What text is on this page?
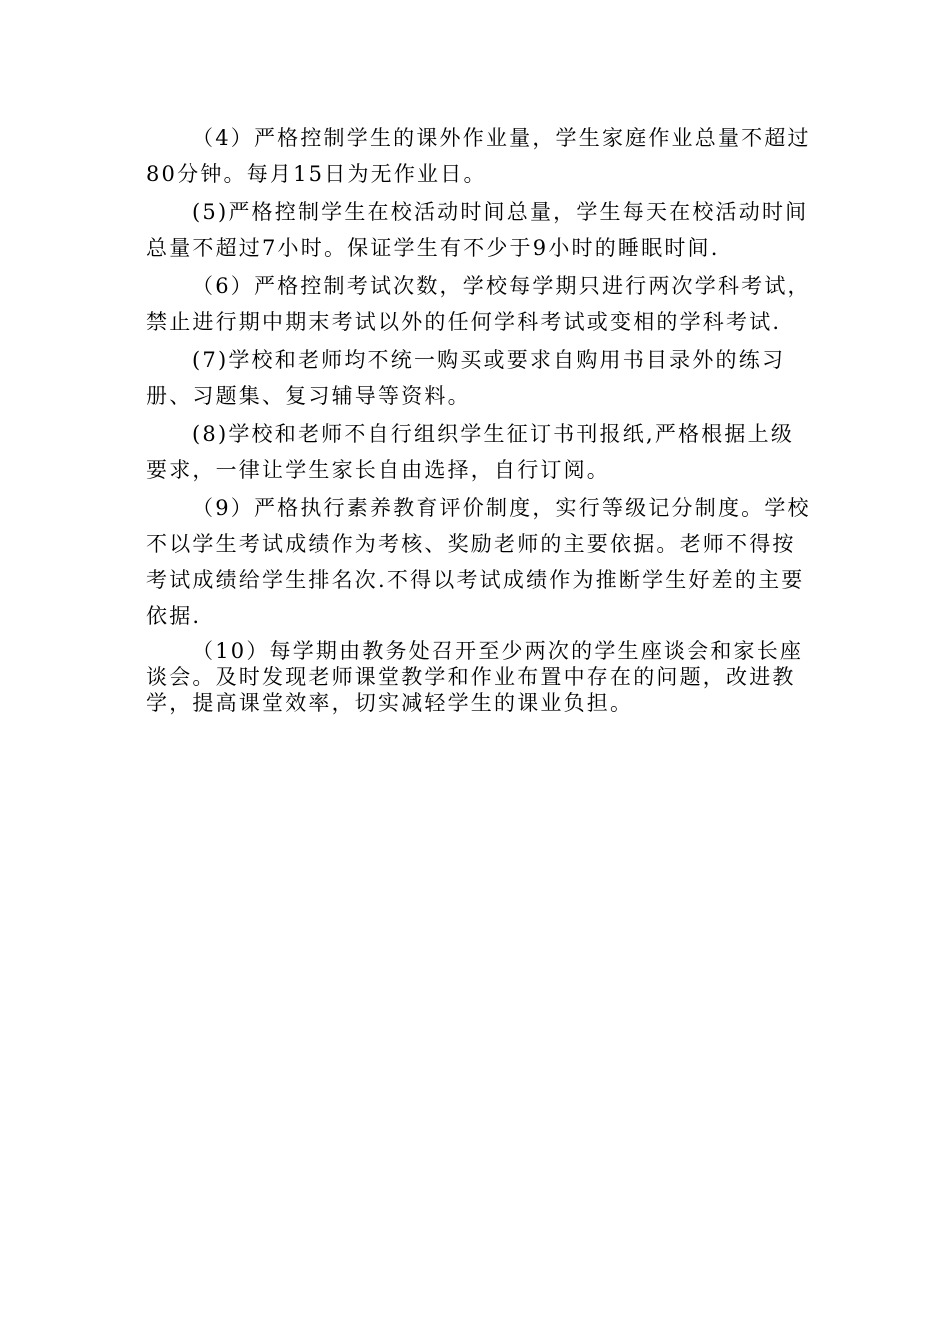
（4）严格控制学生的课外作业量，学生家庭作业总量不超过80分钟。每月15日为无作业日。

(5)严格控制学生在校活动时间总量，学生每天在校活动时间总量不超过7小时。保证学生有不少于9小时的睡眠时间.

（6）严格控制考试次数，学校每学期只进行两次学科考试，禁止进行期中期末考试以外的任何学科考试或变相的学科考试.

(7)学校和老师均不统一购买或要求自购用书目录外的练习册、习题集、复习辅导等资料。

(8)学校和老师不自行组织学生征订书刊报纸,严格根据上级要求，一律让学生家长自由选择，自行订阅。

（9）严格执行素养教育评价制度，实行等级记分制度。学校不以学生考试成绩作为考核、奖励老师的主要依据。老师不得按考试成绩给学生排名次.不得以考试成绩作为推断学生好差的主要依据.

（10）每学期由教务处召开至少两次的学生座谈会和家长座谈会。及时发现老师课堂教学和作业布置中存在的问题，改进教学，提高课堂效率，切实减轻学生的课业负担。
